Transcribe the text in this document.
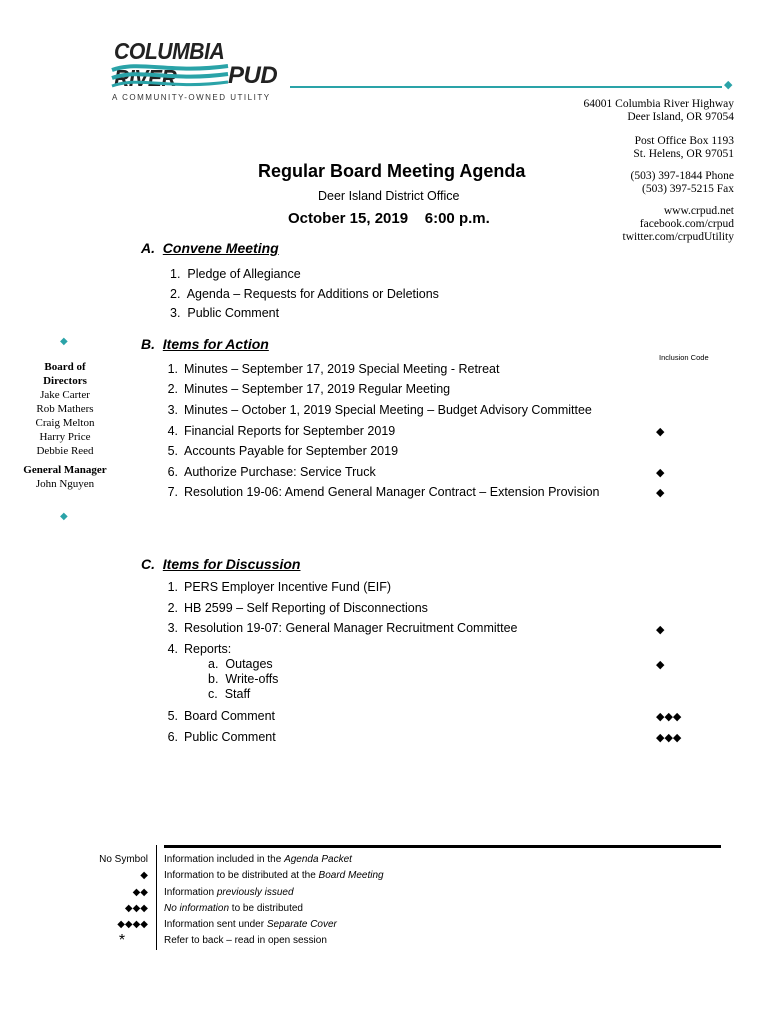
COLUMBIA RIVER	PUD
A COMMUNITY-OWNED UTILITY
◆
64001 Columbia River Highway
Deer Island, OR 97054
Post Office Box 1193
St. Helens, OR 97051
(503) 397-1844 Phone
(503) 397-5215 Fax
www.crpud.net
facebook.com/crpud
twitter.com/crpudUtility
Regular Board Meeting Agenda
Deer Island District Office
October 15, 2019 6:00 p.m.
◆
Board of
Directors
Jake Carter
Rob Mathers
Craig Melton
Harry Price
Debbie Reed
General Manager
John Nguyen
◆
A. Convene Meeting
1.  Pledge of Allegiance
2.  Agenda – Requests for Additions or Deletions
3.  Public Comment
B. Items for Action
Inclusion Code
1. Minutes – September 17, 2019 Special Meeting - Retreat
2. Minutes – September 17, 2019 Regular Meeting
3. Minutes – October 1, 2019 Special Meeting – Budget Advisory Committee
4. Financial Reports for September 2019
5. Accounts Payable for September 2019
6. Authorize Purchase: Service Truck
7. Resolution 19-06: Amend General Manager Contract – Extension Provision
◆
◆
◆
C. Items for Discussion
1. PERS Employer Incentive Fund (EIF)
2. HB 2599 – Self Reporting of Disconnections
3. Resolution 19-07: General Manager Recruitment Committee
4. Reports:
a. Outages
b. Write-offs
c. Staff
5. Board Comment
6. Public Comment
◆
◆
◆◆◆
◆◆◆
No Symbol
◆
◆◆
◆◆◆
◆◆◆◆
*
Information included in the Agenda Packet
Information to be distributed at the Board Meeting
Information previously issued
No information to be distributed
Information sent under Separate Cover
Refer to back – read in open session
